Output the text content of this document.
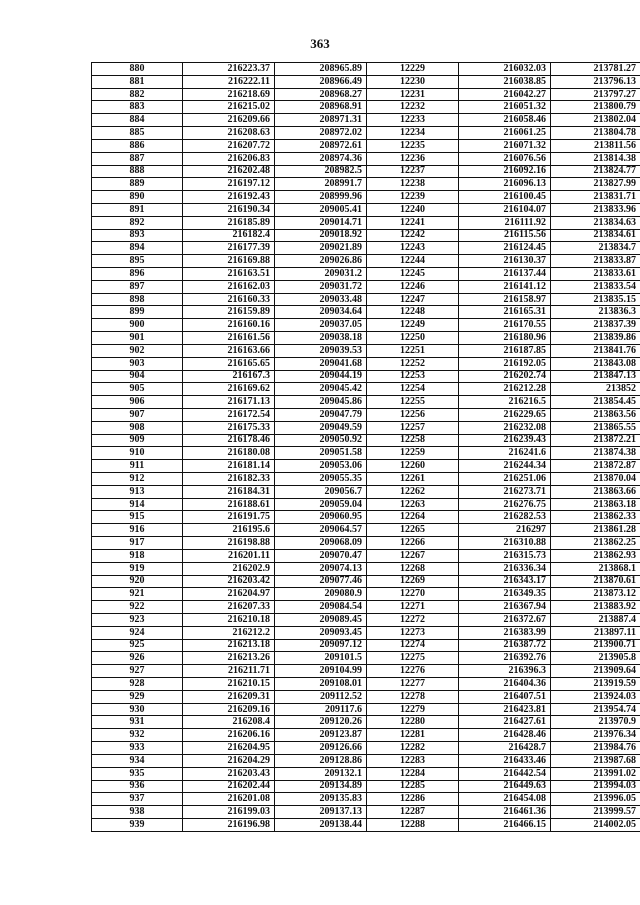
363
880	216223.37	208965.89	12229	216032.03	213781.27
881	216222.11	208966.49	12230	216038.85	213796.13
882	216218.69	208968.27	12231	216042.27	213797.27
883	216215.02	208968.91	12232	216051.32	213800.79
884	216209.66	208971.31	12233	216058.46	213802.04
885	216208.63	208972.02	12234	216061.25	213804.78
886	216207.72	208972.61	12235	216071.32	213811.56
887	216206.83	208974.36	12236	216076.56	213814.38
888	216202.48	208982.5	12237	216092.16	213824.77
889	216197.12	208991.7	12238	216096.13	213827.99
890	216192.43	208999.96	12239	216100.45	213831.71
891	216190.34	209005.41	12240	216104.07	213833.96
892	216185.89	209014.71	12241	216111.92	213834.63
893	216182.4	209018.92	12242	216115.56	213834.61
894	216177.39	209021.89	12243	216124.45	213834.7
895	216169.88	209026.86	12244	216130.37	213833.87
896	216163.51	209031.2	12245	216137.44	213833.61
897	216162.03	209031.72	12246	216141.12	213833.54
898	216160.33	209033.48	12247	216158.97	213835.15
899	216159.89	209034.64	12248	216165.31	213836.3
900	216160.16	209037.05	12249	216170.55	213837.39
901	216161.56	209038.18	12250	216180.96	213839.86
902	216163.66	209039.53	12251	216187.85	213841.76
903	216165.65	209041.68	12252	216192.05	213843.08
904	216167.3	209044.19	12253	216202.74	213847.13
905	216169.62	209045.42	12254	216212.28	213852
906	216171.13	209045.86	12255	216216.5	213854.45
907	216172.54	209047.79	12256	216229.65	213863.56
908	216175.33	209049.59	12257	216232.08	213865.55
909	216178.46	209050.92	12258	216239.43	213872.21
910	216180.08	209051.58	12259	216241.6	213874.38
911	216181.14	209053.06	12260	216244.34	213872.87
912	216182.33	209055.35	12261	216251.06	213870.04
913	216184.31	209056.7	12262	216273.71	213863.66
914	216188.61	209059.04	12263	216276.75	213863.18
915	216191.75	209060.95	12264	216282.53	213862.33
916	216195.6	209064.57	12265	216297	213861.28
917	216198.88	209068.09	12266	216310.88	213862.25
918	216201.11	209070.47	12267	216315.73	213862.93
919	216202.9	209074.13	12268	216336.34	213868.1
920	216203.42	209077.46	12269	216343.17	213870.61
921	216204.97	209080.9	12270	216349.35	213873.12
922	216207.33	209084.54	12271	216367.94	213883.92
923	216210.18	209089.45	12272	216372.67	213887.4
924	216212.2	209093.45	12273	216383.99	213897.11
925	216213.18	209097.12	12274	216387.72	213900.71
926	216213.26	209101.5	12275	216392.76	213905.8
927	216211.71	209104.99	12276	216396.3	213909.64
928	216210.15	209108.01	12277	216404.36	213919.59
929	216209.31	209112.52	12278	216407.51	213924.03
930	216209.16	209117.6	12279	216423.81	213954.74
931	216208.4	209120.26	12280	216427.61	213970.9
932	216206.16	209123.87	12281	216428.46	213976.34
933	216204.95	209126.66	12282	216428.7	213984.76
934	216204.29	209128.86	12283	216433.46	213987.68
935	216203.43	209132.1	12284	216442.54	213991.02
936	216202.44	209134.89	12285	216449.63	213994.03
937	216201.08	209135.83	12286	216454.08	213996.05
938	216199.03	209137.13	12287	216461.36	213999.57
939	216196.98	209138.44	12288	216466.15	214002.05
